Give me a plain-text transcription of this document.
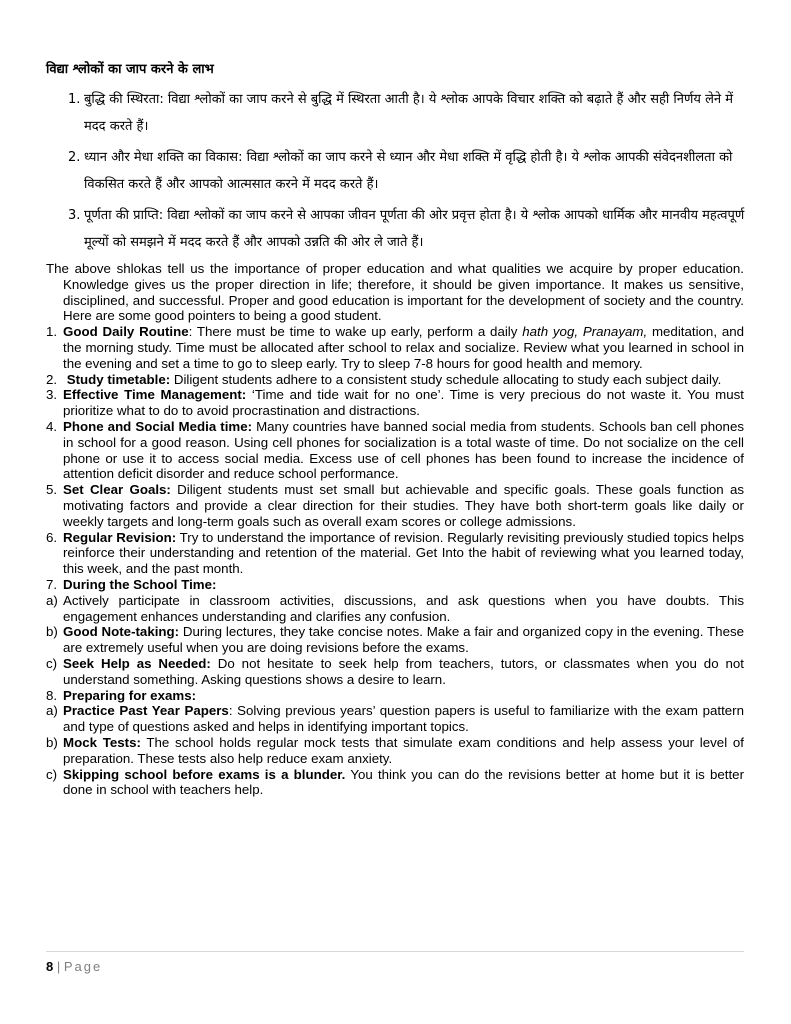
विद्या श्लोकों का जाप करने के लाभ
1. बुद्धि की स्थिरता: विद्या श्लोकों का जाप करने से बुद्धि में स्थिरता आती है। ये श्लोक आपके विचार शक्ति को बढ़ाते हैं और सही निर्णय लेने में मदद करते हैं।
2. ध्यान और मेधा शक्ति का विकास: विद्या श्लोकों का जाप करने से ध्यान और मेधा शक्ति में वृद्धि होती है। ये श्लोक आपकी संवेदनशीलता को विकसित करते हैं और आपको आत्मसात करने में मदद करते हैं।
3. पूर्णता की प्राप्ति: विद्या श्लोकों का जाप करने से आपका जीवन पूर्णता की ओर प्रवृत्त होता है। ये श्लोक आपको धार्मिक और मानवीय महत्वपूर्ण मूल्यों को समझने में मदद करते हैं और आपको उन्नति की ओर ले जाते हैं।

The above shlokas tell us the importance of proper education and what qualities we acquire by proper education. Knowledge gives us the proper direction in life; therefore, it should be given importance. It makes us sensitive, disciplined, and successful. Proper and good education is important for the development of society and the country. Here are some good pointers to being a good student.

1. Good Daily Routine: There must be time to wake up early, perform a daily hath yog, Pranayam, meditation, and the morning study. Time must be allocated after school to relax and socialize. Review what you learned in school in the evening and set a time to go to sleep early. Try to sleep 7-8 hours for good health and memory.

2. Study timetable: Diligent students adhere to a consistent study schedule allocating to study each subject daily.

3. Effective Time Management: ‘Time and tide wait for no one’. Time is very precious do not waste it. You must prioritize what to do to avoid procrastination and distractions.

4. Phone and Social Media time: Many countries have banned social media from students. Schools ban cell phones in school for a good reason. Using cell phones for socialization is a total waste of time. Do not socialize on the cell phone or use it to access social media. Excess use of cell phones has been found to increase the incidence of attention deficit disorder and reduce school performance.

5. Set Clear Goals: Diligent students must set small but achievable and specific goals. These goals function as motivating factors and provide a clear direction for their studies. They have both short-term goals like daily or weekly targets and long-term goals such as overall exam scores or college admissions.

6. Regular Revision: Try to understand the importance of revision. Regularly revisiting previously studied topics helps reinforce their understanding and retention of the material. Get Into the habit of reviewing what you learned today, this week, and the past month.

7. During the School Time:

a) Actively participate in classroom activities, discussions, and ask questions when you have doubts. This engagement enhances understanding and clarifies any confusion.

b) Good Note-taking: During lectures, they take concise notes. Make a fair and organized copy in the evening. These are extremely useful when you are doing revisions before the exams.

c) Seek Help as Needed: Do not hesitate to seek help from teachers, tutors, or classmates when you do not understand something. Asking questions shows a desire to learn.

8. Preparing for exams:

a) Practice Past Year Papers: Solving previous years’ question papers is useful to familiarize with the exam pattern and type of questions asked and helps in identifying important topics.

b) Mock Tests: The school holds regular mock tests that simulate exam conditions and help assess your level of preparation. These tests also help reduce exam anxiety.

c) Skipping school before exams is a blunder. You think you can do the revisions better at home but it is better done in school with teachers help.

8 | Page
